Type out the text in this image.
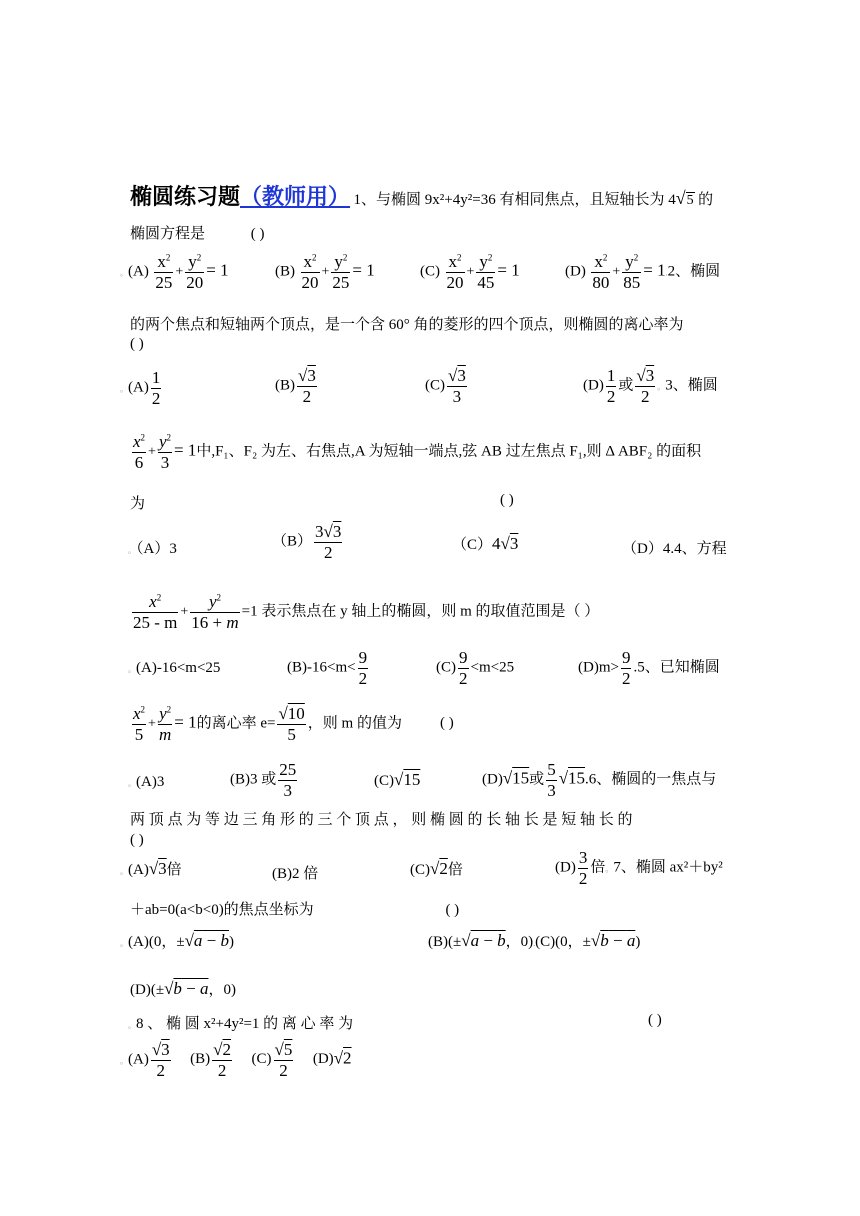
椭圆练习题（教师用） 1、与椭圆 9x²+4y²=36 有相同焦点，且短轴长为 4√5 的
椭圆方程是	( )
。$(A) \frac{x^2}{25} + \frac{y^2}{20} = 1$	$(B) \frac{x^2}{20} + \frac{y^2}{25} = 1$	$(C) \frac{x^2}{20} + \frac{y^2}{45} = 1$	$(D) \frac{x^2}{80} + \frac{y^2}{85} = 1.2$、椭圆
的两个焦点和短轴两个顶点，是一个含 60° 角的菱形的四个顶点，则椭圆的离心率为
( )
。$(A) \frac{1}{2}$	$(B) \frac{√3}{2}$	$(C) \frac{√3}{3}$	$(D) \frac{1}{2}$ 或 $\frac{√3}{2}$ 。3、椭圆
$\frac{x^2}{6} + \frac{y^2}{3} = 1$中,F₁、F₂ 为左、右焦点,A 为短轴一端点,弦 AB 过左焦点 F₁,则 Δ ABF₂ 的面积
为	( )
。（A）3	$(B) \frac{3√3}{2}$	（C）4√3	（D）4.4、方程
$\frac{x^2}{25 - m} + \frac{y^2}{16 + m} =1$ 表示焦点在 y 轴上的椭圆，则 m 的取值范围是（ ）
。(A)-16<m<25	$(B)-16<m< \frac{9}{2}$	$(C) \frac{9}{2} <m<25$	$(D)m> \frac{9}{2} .5$、已知椭圆
$\frac{x^2}{5} + \frac{y^2}{m} = 1$的离心率 $e= \frac{√10}{5}$ ，则 m 的值为	( )
。(A)3	(B)3 或 $\frac{25}{3}$	(C)√15	(D)√15或 $\frac{5}{3} √15.6$、椭圆的一焦点与
两 顶 点 为 等 边 三 角 形 的 三 个 顶 点 ， 则 椭 圆 的 长 轴 长 是 短 轴 长 的
( )
。(A)√3倍	(B)2 倍	(C)√2倍	$(D) \frac{3}{2}$ 倍。7、椭圆 ax²＋by²
＋ab=0(a<b<0)的焦点坐标为	( )
。(A)(0，±√a − b)	(B)(±√a − b，0).(C)(0，±√b − a)
(D)(±√b − a，0)
。8 、 椭 圆 x²+4y²=1 的 离 心 率 为	( )
。$(A) \frac{√3}{2} (B) \frac{√2}{2} (C) \frac{√5}{2} (D)√2$
